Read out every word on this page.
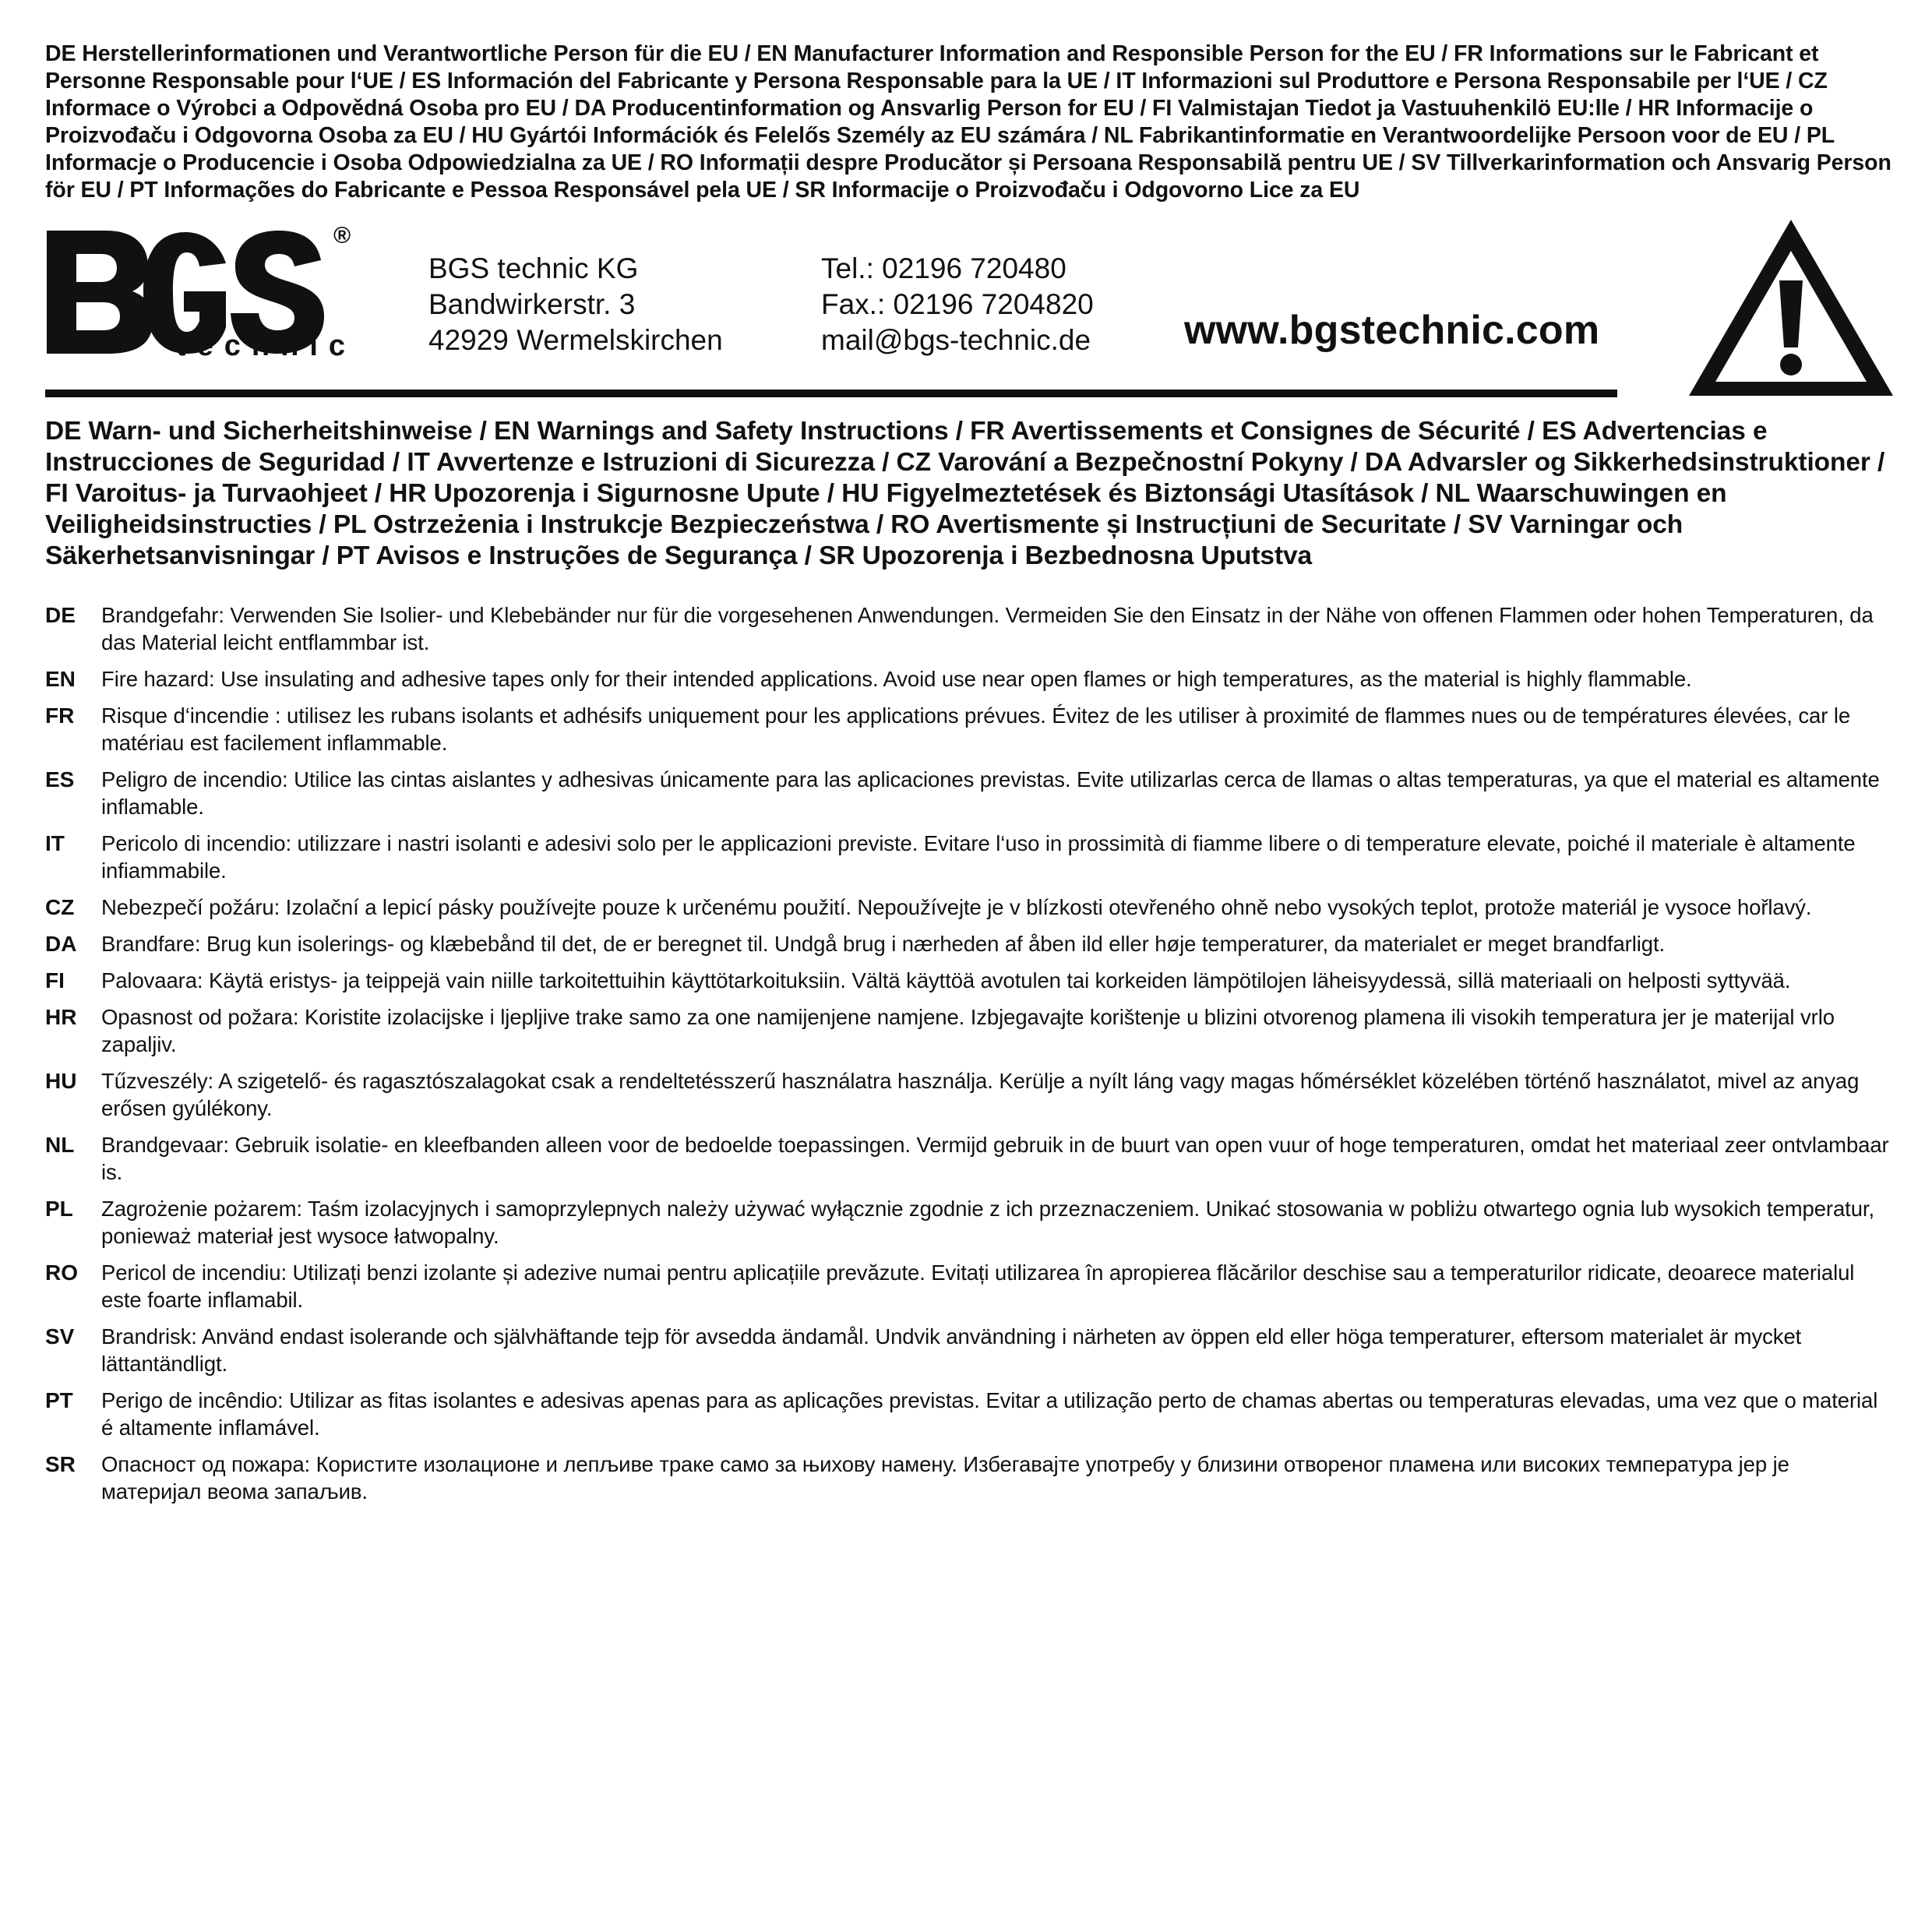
DE Herstellerinformationen und Verantwortliche Person für die EU / EN Manufacturer Information and Responsible Person for the EU / FR Informations sur le Fabricant et Personne Responsable pour l‘UE / ES Información del Fabricante y Persona Responsable para la UE / IT Informazioni sul Produttore e Persona Responsabile per l‘UE / CZ Informace o Výrobci a Odpovědná Osoba pro EU / DA Producentinformation og Ansvarlig Person for EU / FI Valmistajan Tiedot ja Vastuuhenkilö EU:lle / HR Informacije o Proizvođaču i Odgovorna Osoba za EU / HU Gyártói Információk és Felelős Személy az EU számára / NL Fabrikantinformatie en Verantwoordelijke Persoon voor de EU / PL Informacje o Producencie i Osoba Odpowiedzialna za UE / RO Informații despre Producător și Persoana Responsabilă pentru UE / SV Tillverkarinformation och Ansvarig Person för EU / PT Informações do Fabricante e Pessoa Responsável pela UE / SR Informacije o Proizvođaču i Odgovorno Lice za EU

®
technic
BGS technic KG
Bandwirkerstr. 3
42929 Wermelskirchen
Tel.: 02196 720480
Fax.: 02196 7204820
mail@bgs-technic.de www.bgstechnic.com

DE Warn- und Sicherheitshinweise / EN Warnings and Safety Instructions / FR Avertissements et Consignes de Sécurité / ES Advertencias e Instrucciones de Seguridad / IT Avvertenze e Istruzioni di Sicurezza / CZ Varování a Bezpečnostní Pokyny / DA Advarsler og Sikkerhedsinstruktioner / FI Varoitus- ja Turvaohjeet / HR Upozorenja i Sigurnosne Upute / HU Figyelmeztetések és Biztonsági Utasítások / NL Waarschuwingen en Veiligheidsinstructies / PL Ostrzeżenia i Instrukcje Bezpieczeństwa / RO Avertismente și Instrucțiuni de Securitate / SV Varningar och Säkerhetsanvisningar / PT Avisos e Instruções de Segurança / SR Upozorenja i Bezbednosna Uputstva

DE	Brandgefahr: Verwenden Sie Isolier- und Klebebänder nur für die vorgesehenen Anwendungen. Vermeiden Sie den Einsatz in der Nähe von offenen Flammen oder hohen Temperaturen, da das Material leicht entflammbar ist.
EN	Fire hazard: Use insulating and adhesive tapes only for their intended applications. Avoid use near open flames or high temperatures, as the material is highly flammable.
FR	Risque d‘incendie : utilisez les rubans isolants et adhésifs uniquement pour les applications prévues. Évitez de les utiliser à proximité de flammes nues ou de températures élevées, car le matériau est facilement inflammable.
ES	Peligro de incendio: Utilice las cintas aislantes y adhesivas únicamente para las aplicaciones previstas. Evite utilizarlas cerca de llamas o altas temperaturas, ya que el material es altamente inflamable.
IT	Pericolo di incendio: utilizzare i nastri isolanti e adesivi solo per le applicazioni previste. Evitare l‘uso in prossimità di fiamme libere o di temperature elevate, poiché il materiale è altamente infiammabile.
CZ	Nebezpečí požáru: Izolační a lepicí pásky používejte pouze k určenému použití. Nepoužívejte je v blízkosti otevřeného ohně nebo vysokých teplot, protože materiál je vysoce hořlavý.
DA	Brandfare: Brug kun isolerings- og klæbebånd til det, de er beregnet til. Undgå brug i nærheden af åben ild eller høje temperaturer, da materialet er meget brandfarligt.
FI	Palovaara: Käytä eristys- ja teippejä vain niille tarkoitettuihin käyttötarkoituksiin. Vältä käyttöä avotulen tai korkeiden lämpötilojen läheisyydessä, sillä materiaali on helposti syttyvää.
HR	Opasnost od požara: Koristite izolacijske i ljepljive trake samo za one namijenjene namjene. Izbjegavajte korištenje u blizini otvorenog plamena ili visokih temperatura jer je materijal vrlo zapaljiv.
HU	Tűzveszély: A szigetelő- és ragasztószalagokat csak a rendeltetésszerű használatra használja. Kerülje a nyílt láng vagy magas hőmérséklet közelében történő használatot, mivel az anyag erősen gyúlékony.
NL	Brandgevaar: Gebruik isolatie- en kleefbanden alleen voor de bedoelde toepassingen. Vermijd gebruik in de buurt van open vuur of hoge temperaturen, omdat het materiaal zeer ontvlambaar is.
PL	Zagrożenie pożarem: Taśm izolacyjnych i samoprzylepnych należy używać wyłącznie zgodnie z ich przeznaczeniem. Unikać stosowania w pobliżu otwartego ognia lub wysokich temperatur, ponieważ materiał jest wysoce łatwopalny.
RO	Pericol de incendiu: Utilizați benzi izolante și adezive numai pentru aplicațiile prevăzute. Evitați utilizarea în apropierea flăcărilor deschise sau a temperaturilor ridicate, deoarece materialul este foarte inflamabil.
SV	Brandrisk: Använd endast isolerande och självhäftande tejp för avsedda ändamål. Undvik användning i närheten av öppen eld eller höga temperaturer, eftersom materialet är mycket lättantändligt.
PT	Perigo de incêndio: Utilizar as fitas isolantes e adesivas apenas para as aplicações previstas. Evitar a utilização perto de chamas abertas ou temperaturas elevadas, uma vez que o material é altamente inflamável.
SR	Опасност од пожара: Користите изолационе и лепљиве траке само за њихову намену. Избегавајте употребу у близини отвореног пламена или високих температура јер је материјал веома запаљив.
